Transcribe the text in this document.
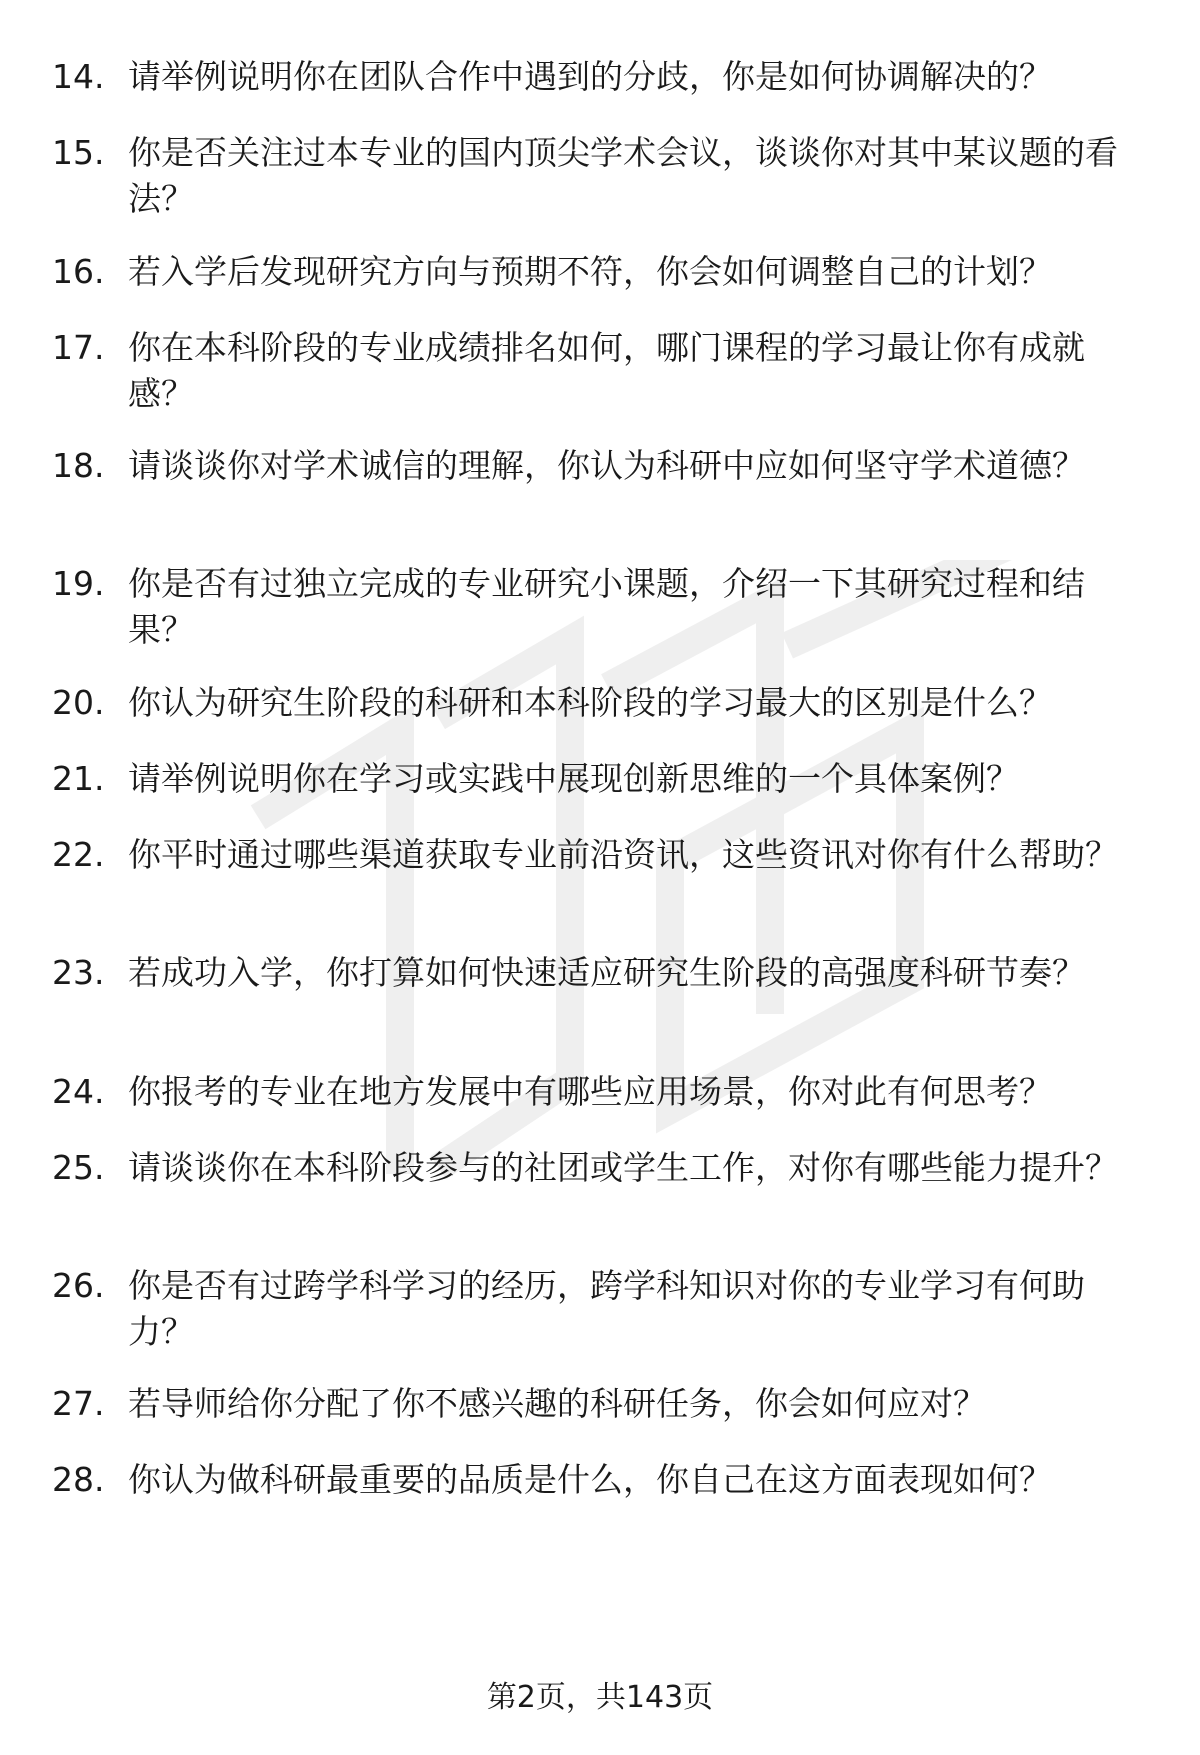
14. 请举例说明你在团队合作中遇到的分歧，你是如何协调解决的？
15. 你是否关注过本专业的国内顶尖学术会议，谈谈你对其中某议题的看法？
16. 若入学后发现研究方向与预期不符，你会如何调整自己的计划？
17. 你在本科阶段的专业成绩排名如何，哪门课程的学习最让你有成就感？
18. 请谈谈你对学术诚信的理解，你认为科研中应如何坚守学术道德？
19. 你是否有过独立完成的专业研究小课题，介绍一下其研究过程和结果？
20. 你认为研究生阶段的科研和本科阶段的学习最大的区别是什么？
21. 请举例说明你在学习或实践中展现创新思维的一个具体案例？
22. 你平时通过哪些渠道获取专业前沿资讯，这些资讯对你有什么帮助？
23. 若成功入学，你打算如何快速适应研究生阶段的高强度科研节奏？
24. 你报考的专业在地方发展中有哪些应用场景，你对此有何思考？
25. 请谈谈你在本科阶段参与的社团或学生工作，对你有哪些能力提升？
26. 你是否有过跨学科学习的经历，跨学科知识对你的专业学习有何助力？
27. 若导师给你分配了你不感兴趣的科研任务，你会如何应对？
28. 你认为做科研最重要的品质是什么，你自己在这方面表现如何？
第2页，共143页
